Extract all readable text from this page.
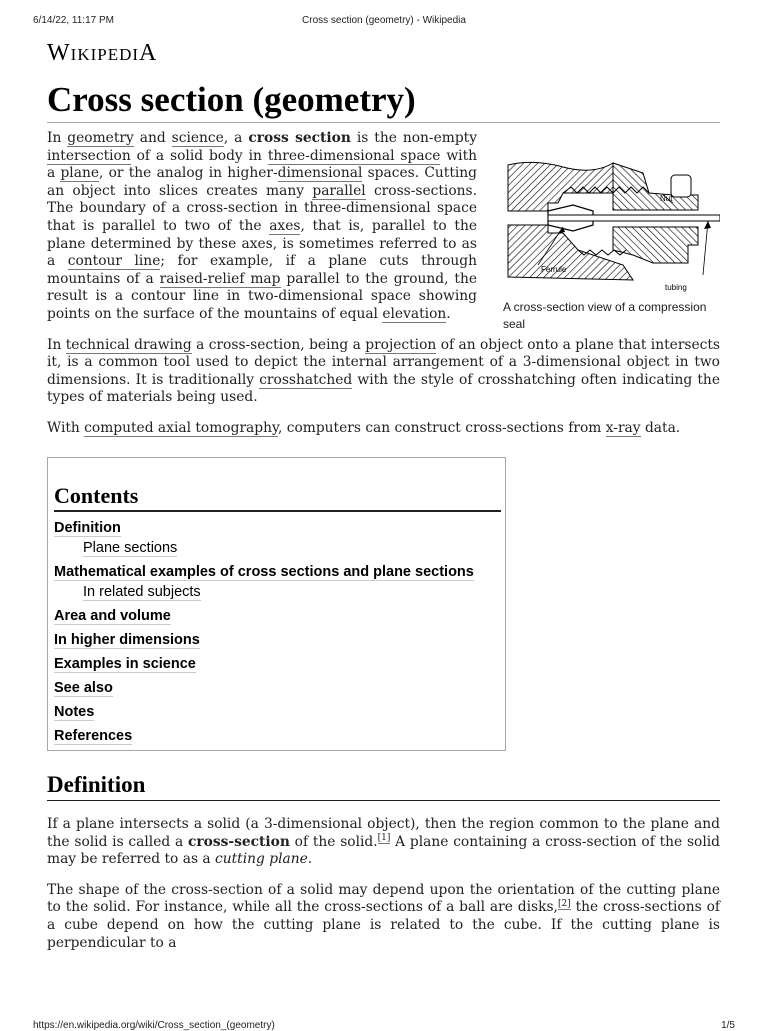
6/14/22, 11:17 PM	Cross section (geometry) - Wikipedia
WIKIPEDIA
Cross section (geometry)

In geometry and science, a cross section is the non-empty intersection of a solid body in three-dimensional space with a plane, or the analog in higher-dimensional spaces. Cutting an object into slices creates many parallel cross-sections. The boundary of a cross-section in three-dimensional space that is parallel to two of the axes, that is, parallel to the plane determined by these axes, is sometimes referred to as a contour line; for example, if a plane cuts through mountains of a raised-relief map parallel to the ground, the result is a contour line in two-dimensional space showing points on the surface of the mountains of equal elevation.

In technical drawing a cross-section, being a projection of an object onto a plane that intersects it, is a common tool used to depict the internal arrangement of a 3-dimensional object in two dimensions. It is traditionally crosshatched with the style of crosshatching often indicating the types of materials being used.

With computed axial tomography, computers can construct cross-sections from x-ray data.

Nut
Ferrule
tubing
A cross-section view of a compression seal
Contents
Definition
Plane sections
Mathematical examples of cross sections and plane sections
In related subjects
Area and volume
In higher dimensions
Examples in science
See also
Notes
References
Definition

If a plane intersects a solid (a 3-dimensional object), then the region common to the plane and the solid is called a cross-section of the solid.[1] A plane containing a cross-section of the solid may be referred to as a cutting plane.

The shape of the cross-section of a solid may depend upon the orientation of the cutting plane to the solid. For instance, while all the cross-sections of a ball are disks,[2] the cross-sections of a cube depend on how the cutting plane is related to the cube. If the cutting plane is perpendicular to a

https://en.wikipedia.org/wiki/Cross_section_(geometry)	1/5
